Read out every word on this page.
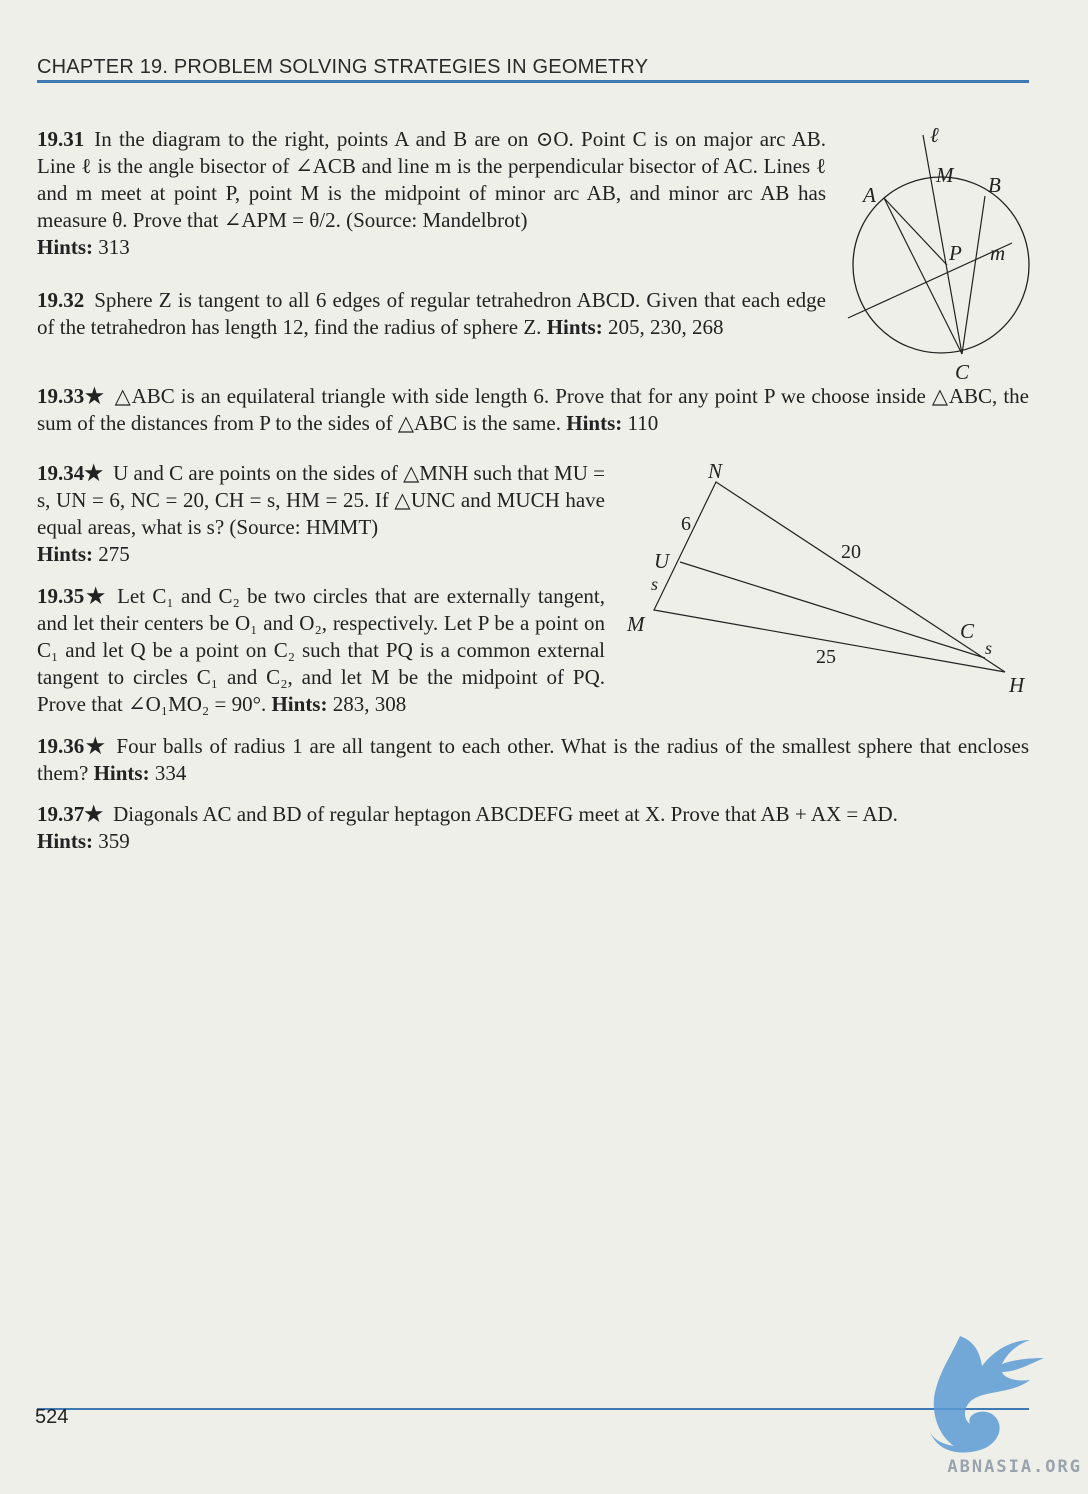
CHAPTER 19. PROBLEM SOLVING STRATEGIES IN GEOMETRY
19.31 In the diagram to the right, points A and B are on ⊙O. Point C is on major arc AB. Line ℓ is the angle bisector of ∠ACB and line m is the perpendicular bisector of AC. Lines ℓ and m meet at point P, point M is the midpoint of minor arc AB, and minor arc AB has measure θ. Prove that ∠APM = θ/2. (Source: Mandelbrot)
Hints: 313
19.32 Sphere Z is tangent to all 6 edges of regular tetrahedron ABCD. Given that each edge of the tetrahedron has length 12, find the radius of sphere Z. Hints: 205, 230, 268
19.33★ △ABC is an equilateral triangle with side length 6. Prove that for any point P we choose inside △ABC, the sum of the distances from P to the sides of △ABC is the same. Hints: 110
19.34★ U and C are points on the sides of △MNH such that MU = s, UN = 6, NC = 20, CH = s, HM = 25. If △UNC and MUCH have equal areas, what is s? (Source: HMMT)
Hints: 275
19.35★ Let C₁ and C₂ be two circles that are externally tangent, and let their centers be O₁ and O₂, respectively. Let P be a point on C₁ and let Q be a point on C₂ such that PQ is a common external tangent to circles C₁ and C₂, and let M be the midpoint of PQ. Prove that ∠O₁MO₂ = 90°. Hints: 283, 308
19.36★ Four balls of radius 1 are all tangent to each other. What is the radius of the smallest sphere that encloses them? Hints: 334
19.37★ Diagonals AC and BD of regular heptagon ABCDEFG meet at X. Prove that AB + AX = AD.
Hints: 359
ℓ
M B
A
P m
C
N
6
20
U
s
M	C
s
25
H
524
ABNASIA.ORG
